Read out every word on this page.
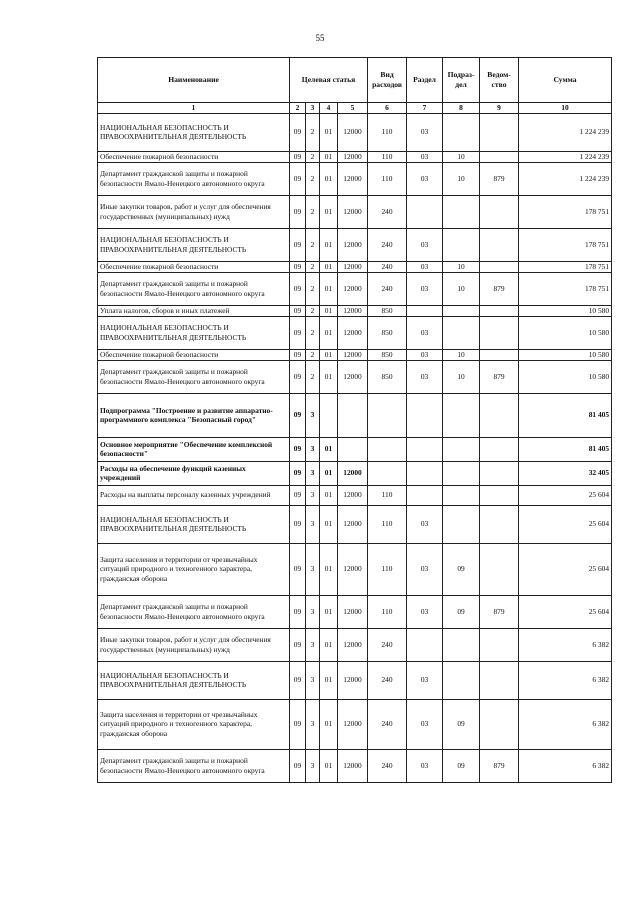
55
Наименование	Целевая статья				Вид расходов	Раздел	Подраз-дел	Ведом-ство	Сумма
1	2	3	4	5	6	7	8	9	10
НАЦИОНАЛЬНАЯ БЕЗОПАСНОСТЬ И ПРАВООХРАНИТЕЛЬНАЯ ДЕЯТЕЛЬНОСТЬ	09	2	01	12000	110	03			1 224 239
Обеспечение пожарной безопасности	09	2	01	12000	110	03	10		1 224 239
Департамент гражданской защиты и пожарной безопасности Ямало-Ненецкого автономного округа	09	2	01	12000	110	03	10	879	1 224 239
Иные закупки товаров, работ и услуг для обеспечения государственных (муниципальных) нужд	09	2	01	12000	240				178 751
НАЦИОНАЛЬНАЯ БЕЗОПАСНОСТЬ И ПРАВООХРАНИТЕЛЬНАЯ ДЕЯТЕЛЬНОСТЬ	09	2	01	12000	240	03			178 751
Обеспечение пожарной безопасности	09	2	01	12000	240	03	10		178 751
Департамент гражданской защиты и пожарной безопасности Ямало-Ненецкого автономного округа	09	2	01	12000	240	03	10	879	178 751
Уплата налогов, сборов и иных платежей	09	2	01	12000	850				10 580
НАЦИОНАЛЬНАЯ БЕЗОПАСНОСТЬ И ПРАВООХРАНИТЕЛЬНАЯ ДЕЯТЕЛЬНОСТЬ	09	2	01	12000	850	03			10 580
Обеспечение пожарной безопасности	09	2	01	12000	850	03	10		10 580
Департамент гражданской защиты и пожарной безопасности Ямало-Ненецкого автономного округа	09	2	01	12000	850	03	10	879	10 580
Подпрограмма "Построение и развитие аппаратно-программного комплекса "Безопасный город"	09	3							81 405
Основное мероприятие "Обеспечение комплексной безопасности"	09	3	01						81 405
Расходы на обеспечение функций казенных учреждений	09	3	01	12000					32 405
Расходы на выплаты персоналу казенных учреждений	09	3	01	12000	110				25 604
НАЦИОНАЛЬНАЯ БЕЗОПАСНОСТЬ И ПРАВООХРАНИТЕЛЬНАЯ ДЕЯТЕЛЬНОСТЬ	09	3	01	12000	110	03			25 604
Защита населения и территории от чрезвычайных ситуаций природного и техногенного характера, гражданская оборона	09	3	01	12000	110	03	09		25 604
Департамент гражданской защиты и пожарной безопасности Ямало-Ненецкого автономного округа	09	3	01	12000	110	03	09	879	25 604
Иные закупки товаров, работ и услуг для обеспечения государственных (муниципальных) нужд	09	3	01	12000	240				6 382
НАЦИОНАЛЬНАЯ БЕЗОПАСНОСТЬ И ПРАВООХРАНИТЕЛЬНАЯ ДЕЯТЕЛЬНОСТЬ	09	3	01	12000	240	03			6 382
Защита населения и территории от чрезвычайных ситуаций природного и техногенного характера, гражданская оборона	09	3	01	12000	240	03	09		6 382
Департамент гражданской защиты и пожарной безопасности Ямало-Ненецкого автономного округа	09	3	01	12000	240	03	09	879	6 382
